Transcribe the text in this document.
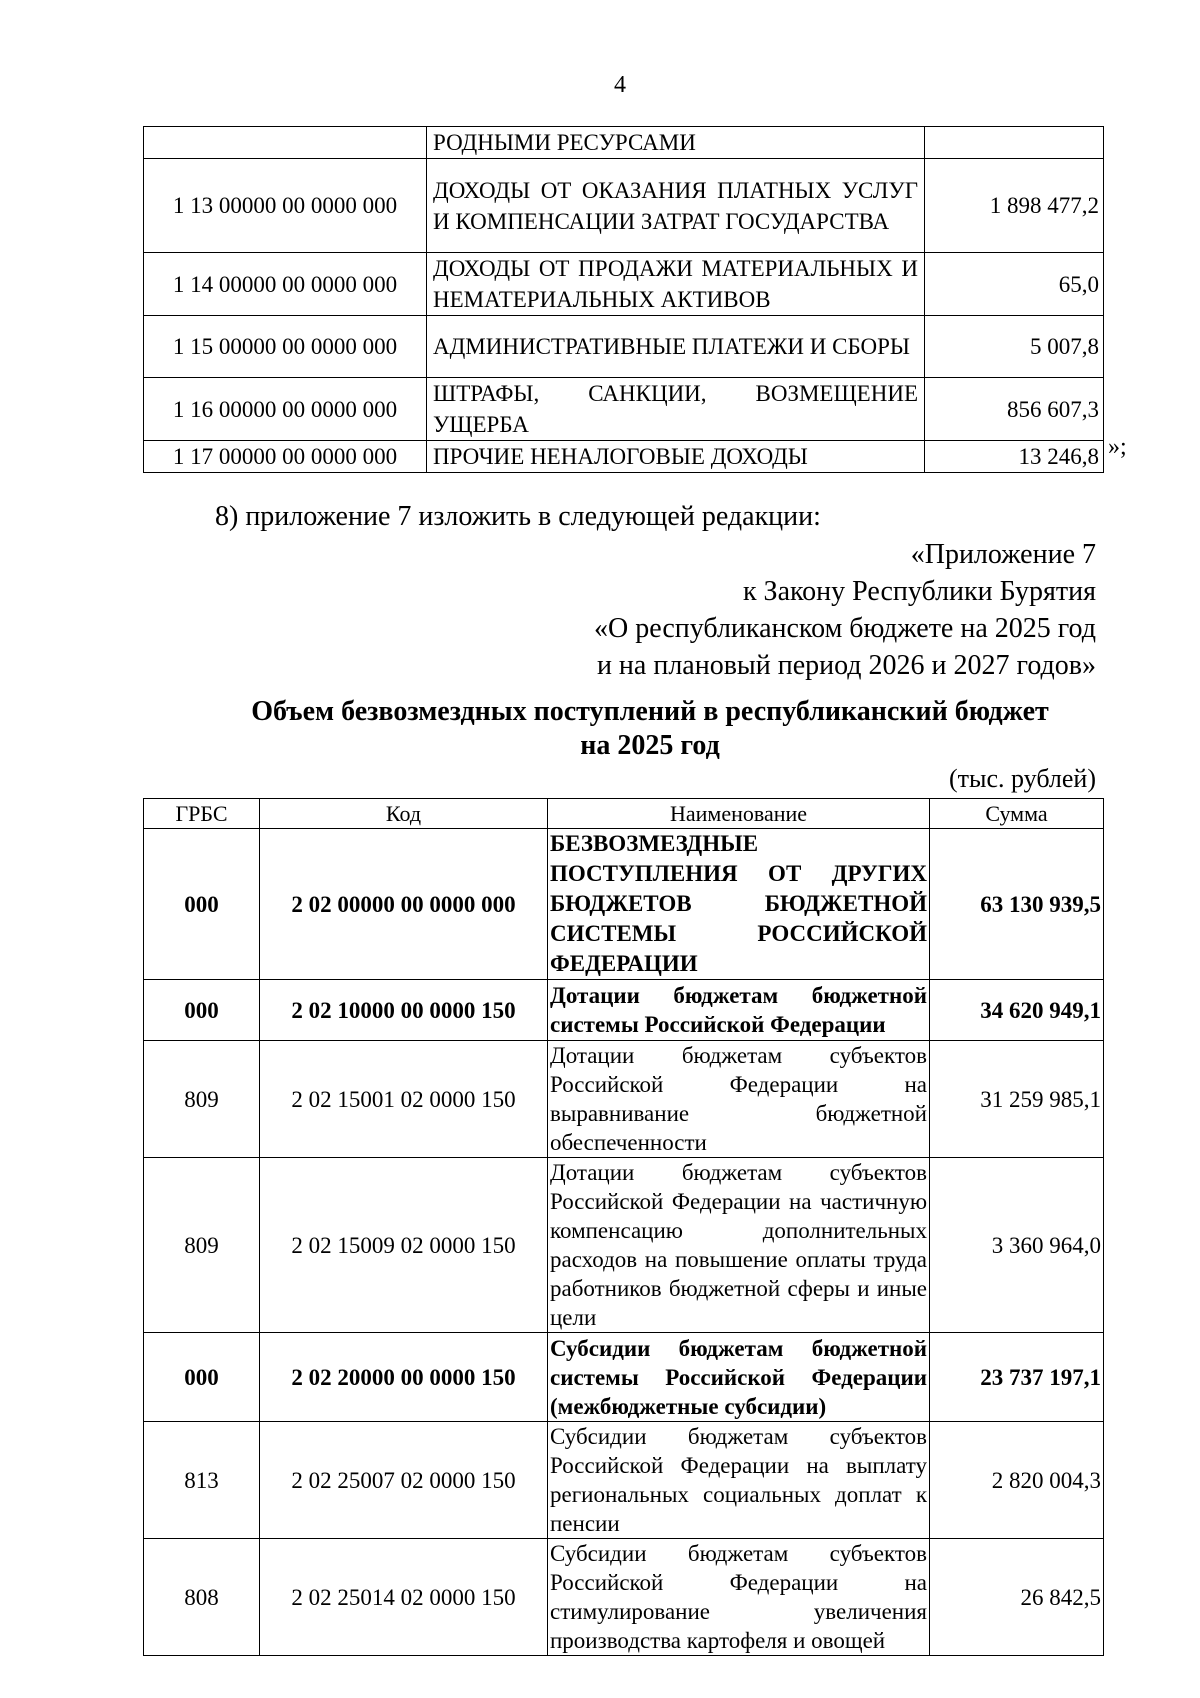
4
	РОДНЫМИ РЕСУРСАМИ	
1 13 00000 00 0000 000	ДОХОДЫ ОТ ОКАЗАНИЯ ПЛАТНЫХ УСЛУГ И КОМПЕНСАЦИИ ЗАТРАТ ГОСУДАРСТВА	1 898 477,2
1 14 00000 00 0000 000	ДОХОДЫ ОТ ПРОДАЖИ МАТЕРИАЛЬНЫХ И НЕМАТЕРИАЛЬНЫХ АКТИВОВ	65,0
1 15 00000 00 0000 000	АДМИНИСТРАТИВНЫЕ ПЛАТЕЖИ И СБОРЫ	5 007,8
1 16 00000 00 0000 000	ШТРАФЫ, САНКЦИИ, ВОЗМЕЩЕНИЕ УЩЕРБА	856 607,3
1 17 00000 00 0000 000	ПРОЧИЕ НЕНАЛОГОВЫЕ ДОХОДЫ	13 246,8 »;
8) приложение 7 изложить в следующей редакции:
«Приложение 7
к Закону Республики Бурятия
«О республиканском бюджете на 2025 год
и на плановый период 2026 и 2027 годов»
Объем безвозмездных поступлений в республиканский бюджет
на 2025 год
(тыс. рублей)
ГРБС	Код	Наименование	Сумма
000	2 02 00000 00 0000 000	БЕЗВОЗМЕЗДНЫЕ ПОСТУПЛЕНИЯ ОТ ДРУГИХ БЮДЖЕТОВ БЮДЖЕТНОЙ СИСТЕМЫ РОССИЙСКОЙ ФЕДЕРАЦИИ	63 130 939,5
000	2 02 10000 00 0000 150	Дотации бюджетам бюджетной системы Российской Федерации	34 620 949,1
809	2 02 15001 02 0000 150	Дотации бюджетам субъектов Российской Федерации на выравнивание бюджетной обеспеченности	31 259 985,1
809	2 02 15009 02 0000 150	Дотации бюджетам субъектов Российской Федерации на частичную компенсацию дополнительных расходов на повышение оплаты труда работников бюджетной сферы и иные цели	3 360 964,0
000	2 02 20000 00 0000 150	Субсидии бюджетам бюджетной системы Российской Федерации (межбюджетные субсидии)	23 737 197,1
813	2 02 25007 02 0000 150	Субсидии бюджетам субъектов Российской Федерации на выплату региональных социальных доплат к пенсии	2 820 004,3
808	2 02 25014 02 0000 150	Субсидии бюджетам субъектов Российской Федерации на стимулирование увеличения производства картофеля и овощей	26 842,5
